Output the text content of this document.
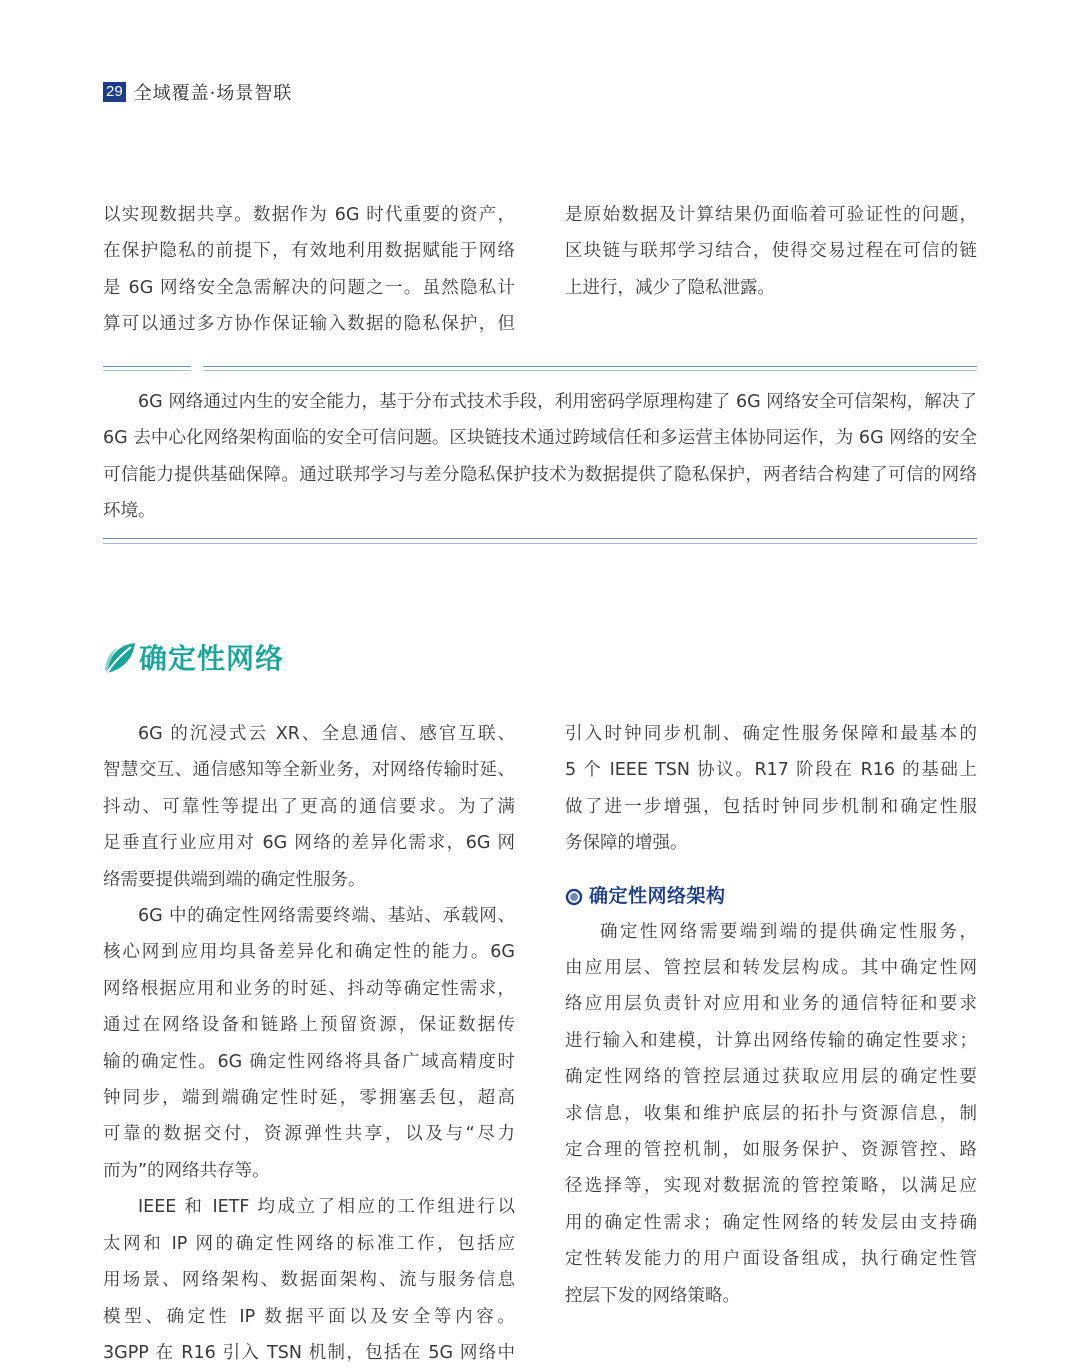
29 全域覆盖·场景智联
以实现数据共享。数据作为 6G 时代重要的资产，
在保护隐私的前提下，有效地利用数据赋能于网络
是 6G 网络安全急需解决的问题之一。虽然隐私计
算可以通过多方协作保证输入数据的隐私保护，但
是原始数据及计算结果仍面临着可验证性的问题，
区块链与联邦学习结合，使得交易过程在可信的链
上进行，减少了隐私泄露。

6G 网络通过内生的安全能力，基于分布式技术手段，利用密码学原理构建了 6G 网络安全可信架构，解决了 6G 去中心化网络架构面临的安全可信问题。区块链技术通过跨域信任和多运营主体协同运作，为 6G 网络的安全可信能力提供基础保障。通过联邦学习与差分隐私保护技术为数据提供了隐私保护，两者结合构建了可信的网络环境。

确定性网络
6G 的沉浸式云 XR、全息通信、感官互联、
智慧交互、通信感知等全新业务，对网络传输时延、
抖动、可靠性等提出了更高的通信要求。为了满
足垂直行业应用对 6G 网络的差异化需求，6G 网
络需要提供端到端的确定性服务。
6G 中的确定性网络需要终端、基站、承载网、
核心网到应用均具备差异化和确定性的能力。6G
网络根据应用和业务的时延、抖动等确定性需求，
通过在网络设备和链路上预留资源，保证数据传
输的确定性。6G 确定性网络将具备广域高精度时
钟同步，端到端确定性时延，零拥塞丢包，超高
可靠的数据交付，资源弹性共享，以及与“尽力
而为”的网络共存等。
IEEE 和 IETF 均成立了相应的工作组进行以
太网和 IP 网的确定性网络的标准工作，包括应
用场景、网络架构、数据面架构、流与服务信息
模型、确定性 IP 数据平面以及安全等内容。
3GPP 在 R16 引入 TSN 机制，包括在 5G 网络中
引入时钟同步机制、确定性服务保障和最基本的
5 个 IEEE TSN 协议。R17 阶段在 R16 的基础上
做了进一步增强，包括时钟同步机制和确定性服
务保障的增强。
确定性网络架构
确定性网络需要端到端的提供确定性服务，
由应用层、管控层和转发层构成。其中确定性网
络应用层负责针对应用和业务的通信特征和要求
进行输入和建模，计算出网络传输的确定性要求；
确定性网络的管控层通过获取应用层的确定性要
求信息，收集和维护底层的拓扑与资源信息，制
定合理的管控机制，如服务保护、资源管控、路
径选择等，实现对数据流的管控策略，以满足应
用的确定性需求；确定性网络的转发层由支持确
定性转发能力的用户面设备组成，执行确定性管
控层下发的网络策略。
